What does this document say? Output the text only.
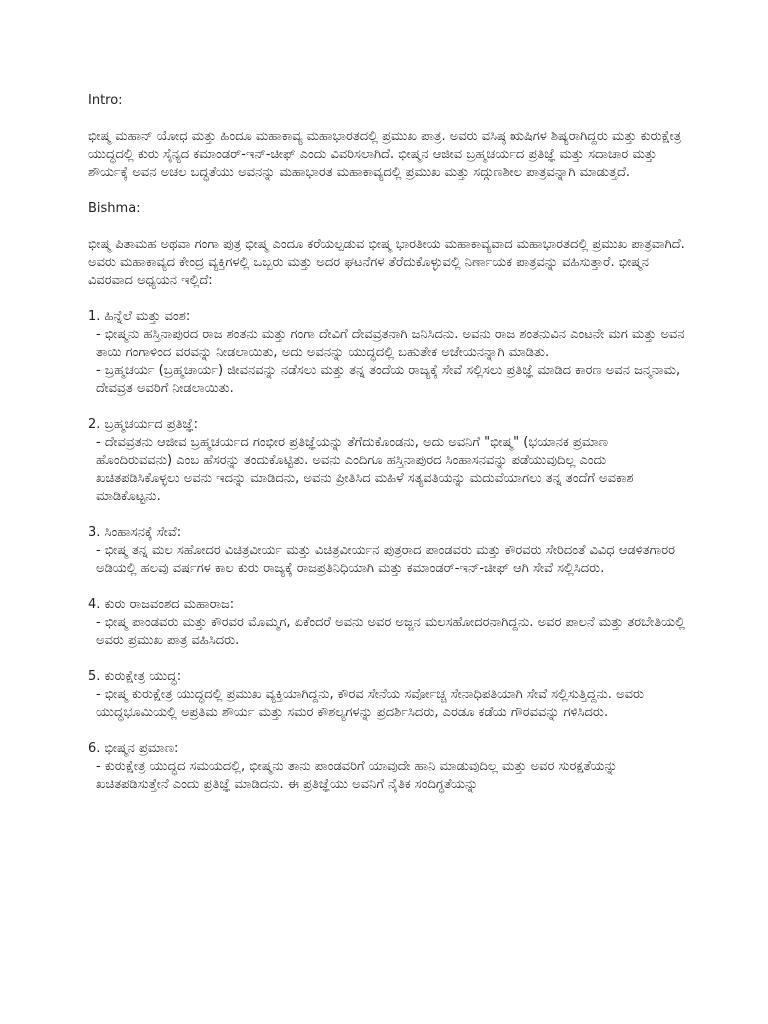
Intro:

ಭೀಷ್ಮ ಮಹಾನ್ ಯೋಧ ಮತ್ತು ಹಿಂದೂ ಮಹಾಕಾವ್ಯ ಮಹಾಭಾರತದಲ್ಲಿ ಪ್ರಮುಖ ಪಾತ್ರ. ಅವರು ವಸಿಷ್ಠ ಋಷಿಗಳ ಶಿಷ್ಯರಾಗಿದ್ದರು ಮತ್ತು ಕುರುಕ್ಷೇತ್ರ ಯುದ್ಧದಲ್ಲಿ ಕುರು ಸೈನ್ಯದ ಕಮಾಂಡರ್-ಇನ್-ಚೀಫ್ ಎಂದು ವಿವರಿಸಲಾಗಿದೆ. ಭೀಷ್ಮನ ಆಜೀವ ಬ್ರಹ್ಮಚರ್ಯದ ಪ್ರತಿಜ್ಞೆ ಮತ್ತು ಸದಾಚಾರ ಮತ್ತು ಶೌರ್ಯಕ್ಕೆ ಅವನ ಅಚಲ ಬದ್ಧತೆಯು ಅವನನ್ನು ಮಹಾಭಾರತ ಮಹಾಕಾವ್ಯದಲ್ಲಿ ಪ್ರಮುಖ ಮತ್ತು ಸದ್ಗುಣಶೀಲ ಪಾತ್ರವನ್ನಾಗಿ ಮಾಡುತ್ತದೆ.

Bishma:

ಭೀಷ್ಮ ಪಿತಾಮಹ ಅಥವಾ ಗಂಗಾ ಪುತ್ರ ಭೀಷ್ಮ ಎಂದೂ ಕರೆಯಲ್ಪಡುವ ಭೀಷ್ಮ ಭಾರತೀಯ ಮಹಾಕಾವ್ಯವಾದ ಮಹಾಭಾರತದಲ್ಲಿ ಪ್ರಮುಖ ಪಾತ್ರವಾಗಿದೆ. ಅವರು ಮಹಾಕಾವ್ಯದ ಕೇಂದ್ರ ವ್ಯಕ್ತಿಗಳಲ್ಲಿ ಒಬ್ಬರು ಮತ್ತು ಅದರ ಘಟನೆಗಳ ತೆರೆದುಕೊಳ್ಳುವಲ್ಲಿ ನಿರ್ಣಾಯಕ ಪಾತ್ರವನ್ನು ವಹಿಸುತ್ತಾರೆ. ಭೀಷ್ಮನ ವಿವರವಾದ ಅಧ್ಯಯನ ಇಲ್ಲಿದೆ:

1. ಹಿನ್ನೆಲೆ ಮತ್ತು ವಂಶ:

- ಭೀಷ್ಮನು ಹಸ್ತಿನಾಪುರದ ರಾಜ ಶಂತನು ಮತ್ತು ಗಂಗಾ ದೇವಿಗೆ ದೇವವ್ರತನಾಗಿ ಜನಿಸಿದನು. ಅವನು ರಾಜ ಶಂತನುವಿನ ಎಂಟನೇ ಮಗ ಮತ್ತು ಅವನ ತಾಯಿ ಗಂಗಾಳಿಂದ ವರವನ್ನು ನೀಡಲಾಯಿತು, ಅದು ಅವನನ್ನು ಯುದ್ಧದಲ್ಲಿ ಬಹುತೇಕ ಅಜೇಯನನ್ನಾಗಿ ಮಾಡಿತು.

- ಬ್ರಹ್ಮಚರ್ಯ (ಬ್ರಹ್ಮಚಾರ್ಯ) ಜೀವನವನ್ನು ನಡೆಸಲು ಮತ್ತು ತನ್ನ ತಂದೆಯ ರಾಜ್ಯಕ್ಕೆ ಸೇವೆ ಸಲ್ಲಿಸಲು ಪ್ರತಿಜ್ಞೆ ಮಾಡಿದ ಕಾರಣ ಅವನ ಜನ್ಮನಾಮ, ದೇವವ್ರತ ಅವರಿಗೆ ನೀಡಲಾಯಿತು.

2. ಬ್ರಹ್ಮಚರ್ಯದ ಪ್ರತಿಜ್ಞೆ:

- ದೇವವ್ರತನು ಆಜೀವ ಬ್ರಹ್ಮಚರ್ಯದ ಗಂಭೀರ ಪ್ರತಿಜ್ಞೆಯನ್ನು ತೆಗೆದುಕೊಂಡನು, ಅದು ಅವನಿಗೆ "ಭೀಷ್ಮ" (ಭಯಾನಕ ಪ್ರಮಾಣ ಹೊಂದಿರುವವನು) ಎಂಬ ಹೆಸರನ್ನು ತಂದುಕೊಟ್ಟಿತು. ಅವನು ಎಂದಿಗೂ ಹಸ್ತಿನಾಪುರದ ಸಿಂಹಾಸನವನ್ನು ಪಡೆಯುವುದಿಲ್ಲ ಎಂದು ಖಚಿತಪಡಿಸಿಕೊಳ್ಳಲು ಅವನು ಇದನ್ನು ಮಾಡಿದನು, ಅವನು ಪ್ರೀತಿಸಿದ ಮಹಿಳೆ ಸತ್ಯವತಿಯನ್ನು ಮದುವೆಯಾಗಲು ತನ್ನ ತಂದೆಗೆ ಅವಕಾಶ ಮಾಡಿಕೊಟ್ಟನು.

3. ಸಿಂಹಾಸನಕ್ಕೆ ಸೇವೆ:

- ಭೀಷ್ಮ ತನ್ನ ಮಲ ಸಹೋದರ ವಿಚಿತ್ರವೀರ್ಯ ಮತ್ತು ವಿಚಿತ್ರವೀರ್ಯನ ಪುತ್ರರಾದ ಪಾಂಡವರು ಮತ್ತು ಕೌರವರು ಸೇರಿದಂತೆ ವಿವಿಧ ಆಡಳಿತಗಾರರ ಅಡಿಯಲ್ಲಿ ಹಲವು ವರ್ಷಗಳ ಕಾಲ ಕುರು ರಾಜ್ಯಕ್ಕೆ ರಾಜಪ್ರತಿನಿಧಿಯಾಗಿ ಮತ್ತು ಕಮಾಂಡರ್-ಇನ್-ಚೀಫ್ ಆಗಿ ಸೇವೆ ಸಲ್ಲಿಸಿದರು.

4. ಕುರು ರಾಜವಂಶದ ಮಹಾರಾಜ:

- ಭೀಷ್ಮ ಪಾಂಡವರು ಮತ್ತು ಕೌರವರ ಮೊಮ್ಮಗ, ಏಕೆಂದರೆ ಅವನು ಅವರ ಅಜ್ಜನ ಮಲಸಹೋದರನಾಗಿದ್ದನು. ಅವರ ಪಾಲನೆ ಮತ್ತು ತರಬೇತಿಯಲ್ಲಿ ಅವರು ಪ್ರಮುಖ ಪಾತ್ರ ವಹಿಸಿದರು.

5. ಕುರುಕ್ಷೇತ್ರ ಯುದ್ಧ:

- ಭೀಷ್ಮ ಕುರುಕ್ಷೇತ್ರ ಯುದ್ಧದಲ್ಲಿ ಪ್ರಮುಖ ವ್ಯಕ್ತಿಯಾಗಿದ್ದನು, ಕೌರವ ಸೇನೆಯ ಸರ್ವೋಚ್ಚ ಸೇನಾಧಿಪತಿಯಾಗಿ ಸೇವೆ ಸಲ್ಲಿಸುತ್ತಿದ್ದನು. ಅವರು ಯುದ್ಧಭೂಮಿಯಲ್ಲಿ ಅಪ್ರತಿಮ ಶೌರ್ಯ ಮತ್ತು ಸಮರ ಕೌಶಲ್ಯಗಳನ್ನು ಪ್ರದರ್ಶಿಸಿದರು, ಎರಡೂ ಕಡೆಯ ಗೌರವವನ್ನು ಗಳಿಸಿದರು.

6. ಭೀಷ್ಮನ ಪ್ರಮಾಣ:

- ಕುರುಕ್ಷೇತ್ರ ಯುದ್ಧದ ಸಮಯದಲ್ಲಿ, ಭೀಷ್ಮನು ತಾನು ಪಾಂಡವರಿಗೆ ಯಾವುದೇ ಹಾನಿ ಮಾಡುವುದಿಲ್ಲ ಮತ್ತು ಅವರ ಸುರಕ್ಷತೆಯನ್ನು ಖಚಿತಪಡಿಸುತ್ತೇನೆ ಎಂದು ಪ್ರತಿಜ್ಞೆ ಮಾಡಿದನು. ಈ ಪ್ರತಿಜ್ಞೆಯು ಅವನಿಗೆ ನೈತಿಕ ಸಂದಿಗ್ಧತೆಯನ್ನು
